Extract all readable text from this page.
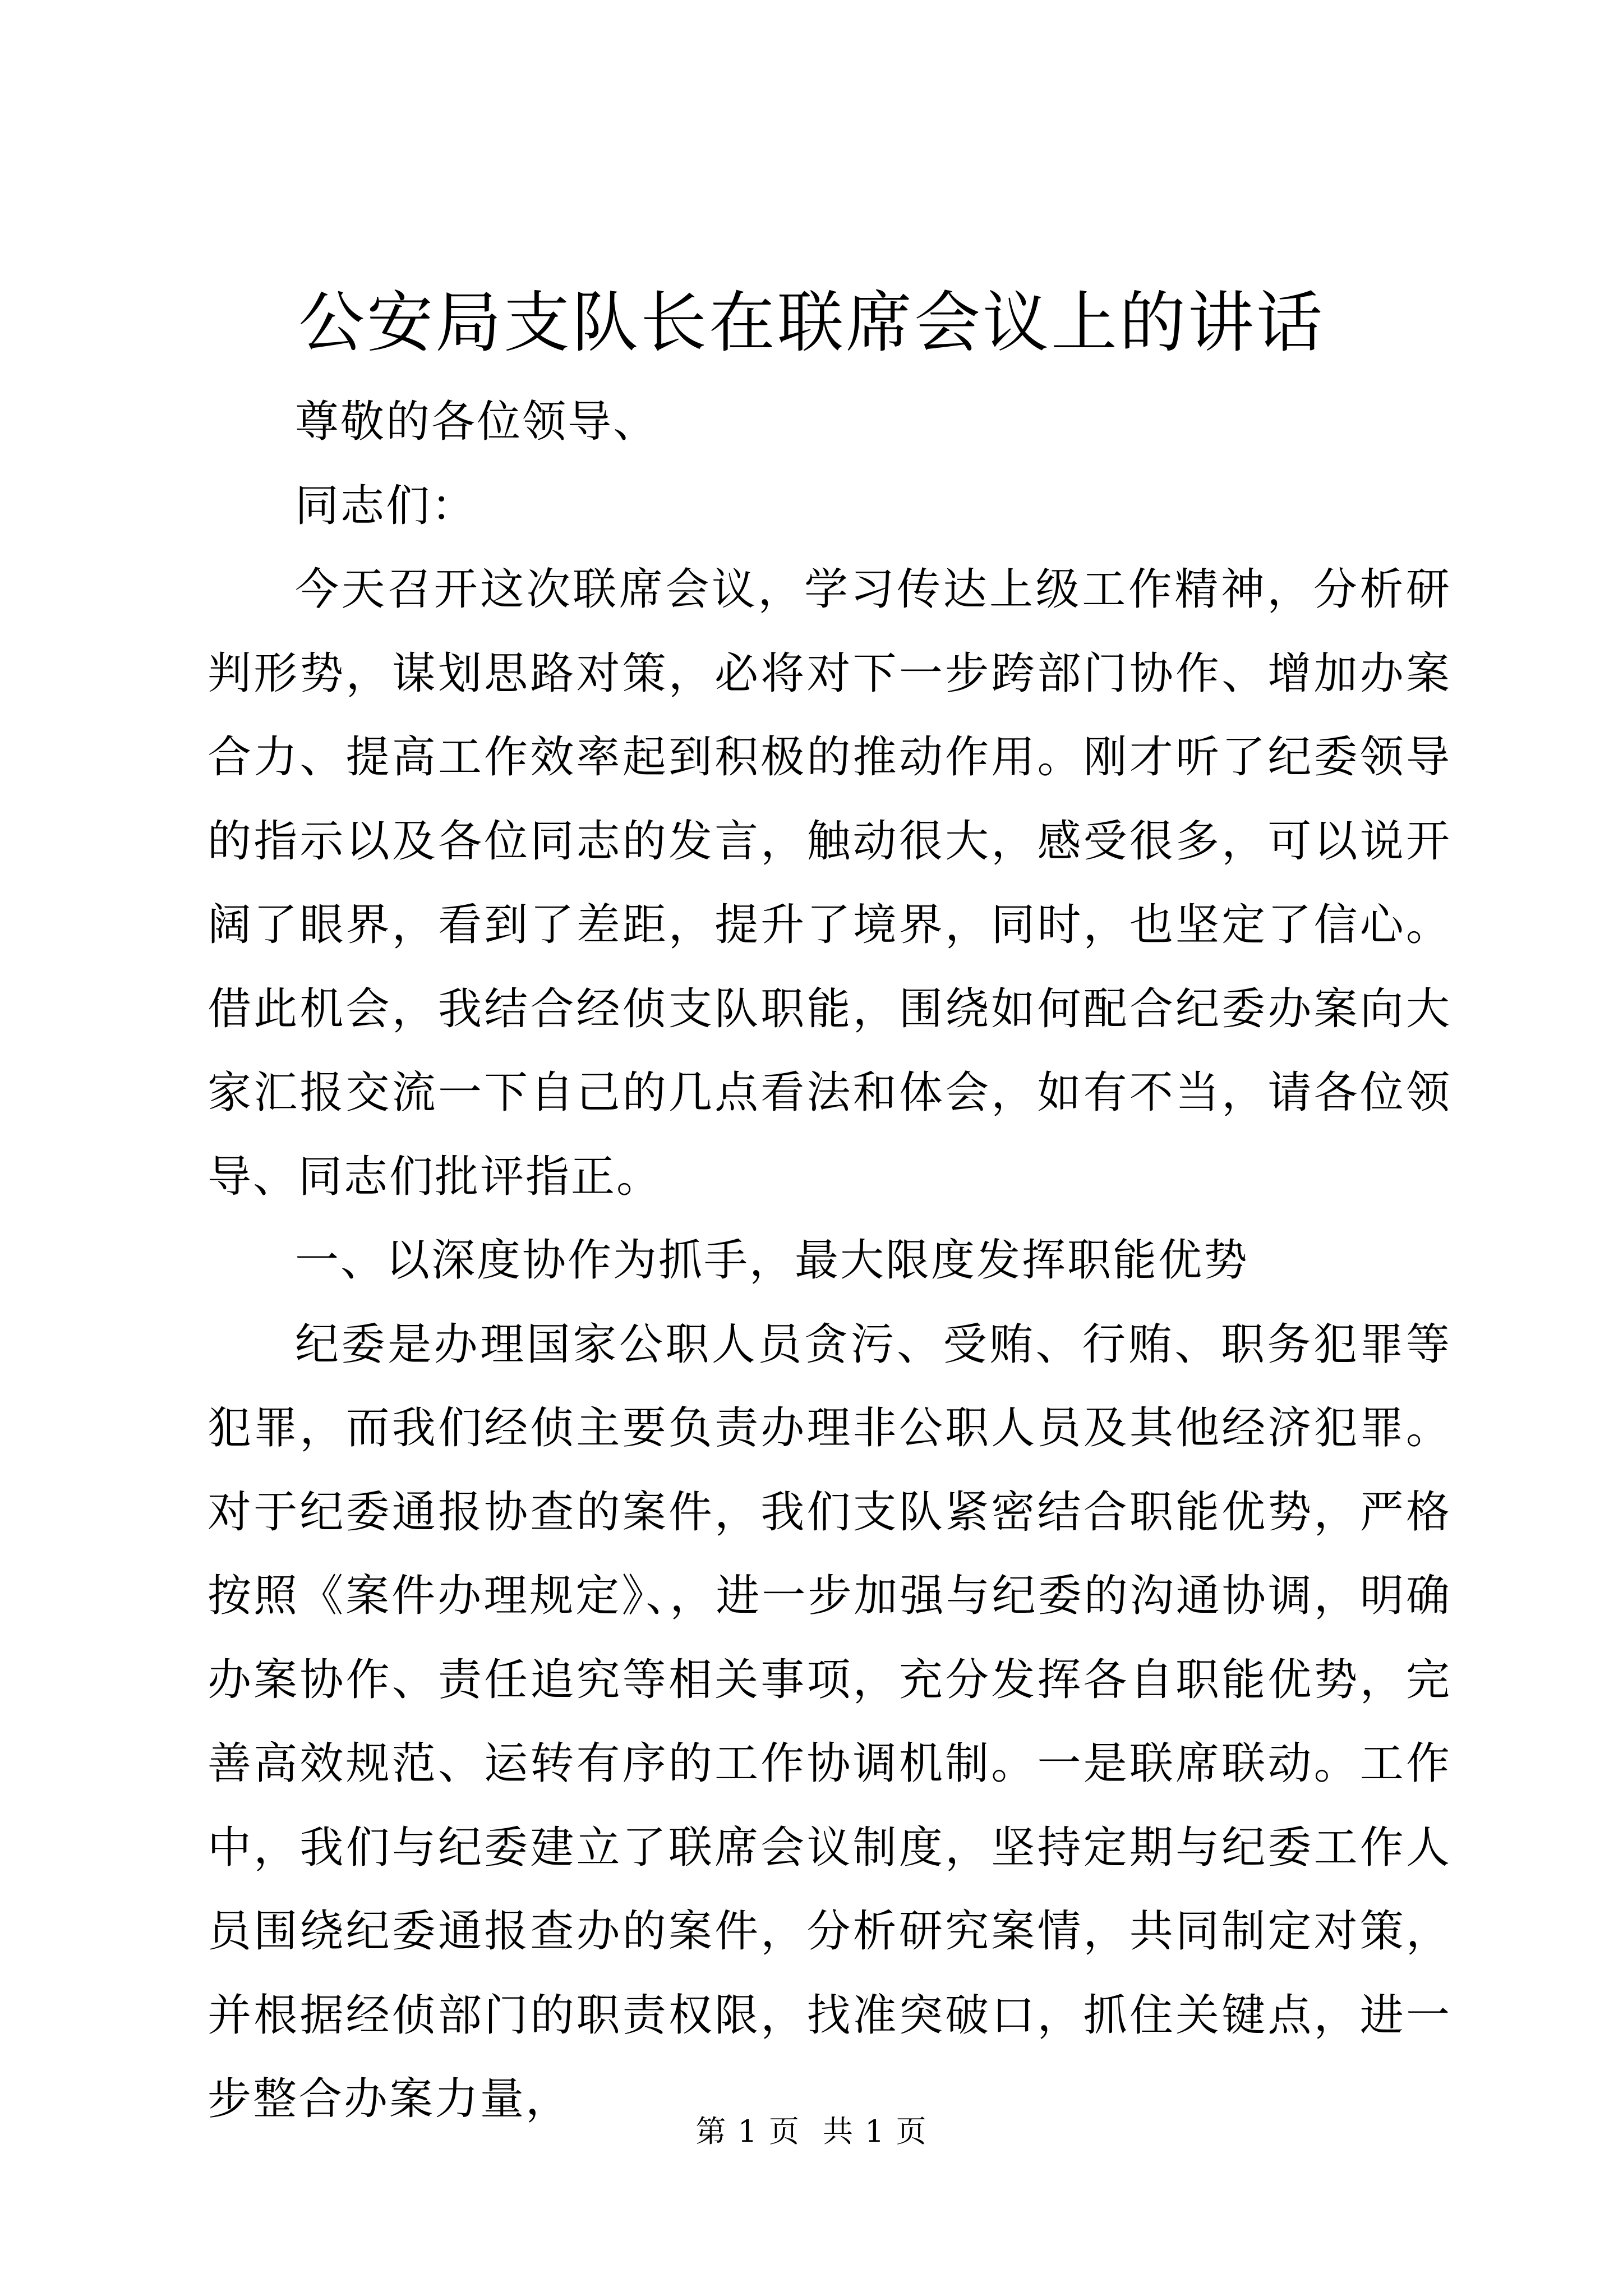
公安局支队长在联席会议上的讲话

尊敬的各位领导、

同志们：

今天召开这次联席会议，学习传达上级工作精神，分析研判形势，谋划思路对策，必将对下一步跨部门协作、增加办案合力、提高工作效率起到积极的推动作用。刚才听了纪委领导的指示以及各位同志的发言，触动很大，感受很多，可以说开阔了眼界，看到了差距，提升了境界，同时，也坚定了信心。借此机会，我结合经侦支队职能，围绕如何配合纪委办案向大家汇报交流一下自己的几点看法和体会，如有不当，请各位领导、同志们批评指正。

一、以深度协作为抓手，最大限度发挥职能优势

纪委是办理国家公职人员贪污、受贿、行贿、职务犯罪等犯罪，而我们经侦主要负责办理非公职人员及其他经济犯罪。对于纪委通报协查的案件，我们支队紧密结合职能优势，严格按照《案件办理规定》、，进一步加强与纪委的沟通协调，明确办案协作、责任追究等相关事项，充分发挥各自职能优势，完善高效规范、运转有序的工作协调机制。一是联席联动。工作中，我们与纪委建立了联席会议制度，坚持定期与纪委工作人员围绕纪委通报查办的案件，分析研究案情，共同制定对策，并根据经侦部门的职责权限，找准突破口，抓住关键点，进一步整合办案力量，

第 1 页 共 1 页
